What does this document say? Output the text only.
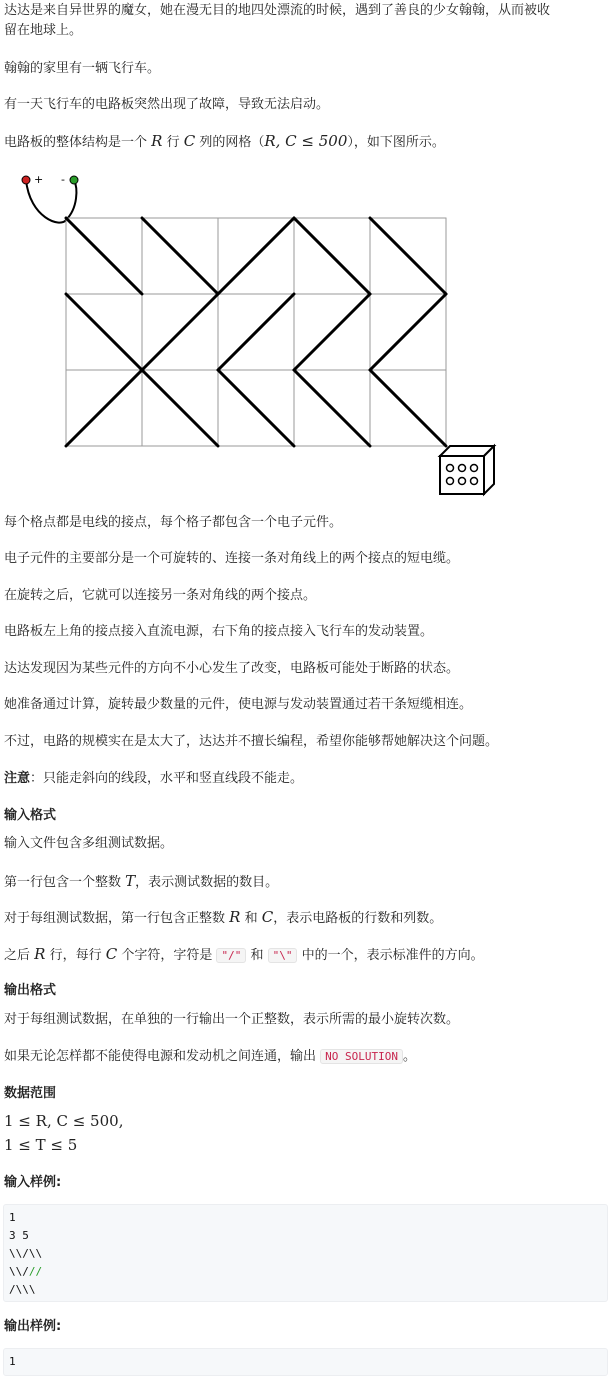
达达是来自异世界的魔女，她在漫无目的地四处漂流的时候，遇到了善良的少女翰翰，从而被收

留在地球上。

翰翰的家里有一辆飞行车。

有一天飞行车的电路板突然出现了故障，导致无法启动。

电路板的整体结构是一个 R 行 C 列的网格（R, C ≤ 500），如下图所示。

+ -

每个格点都是电线的接点，每个格子都包含一个电子元件。

电子元件的主要部分是一个可旋转的、连接一条对角线上的两个接点的短电缆。

在旋转之后，它就可以连接另一条对角线的两个接点。

电路板左上角的接点接入直流电源，右下角的接点接入飞行车的发动装置。

达达发现因为某些元件的方向不小心发生了改变，电路板可能处于断路的状态。

她准备通过计算，旋转最少数量的元件，使电源与发动装置通过若干条短缆相连。

不过，电路的规模实在是太大了，达达并不擅长编程，希望你能够帮她解决这个问题。

注意：只能走斜向的线段，水平和竖直线段不能走。

输入格式

输入文件包含多组测试数据。

第一行包含一个整数 T，表示测试数据的数目。

对于每组测试数据，第一行包含正整数 R 和 C，表示电路板的行数和列数。

之后 R 行，每行 C 个字符，字符是 "/" 和 "\" 中的一个，表示标准件的方向。

输出格式

对于每组测试数据，在单独的一行输出一个正整数，表示所需的最小旋转次数。

如果无论怎样都不能使得电源和发动机之间连通，输出 NO SOLUTION 。

数据范围

1 ≤ R, C ≤ 500,

1 ≤ T ≤ 5

输入样例:

1
3 5
\\/\\
\\///
/\\\

输出样例:

1
